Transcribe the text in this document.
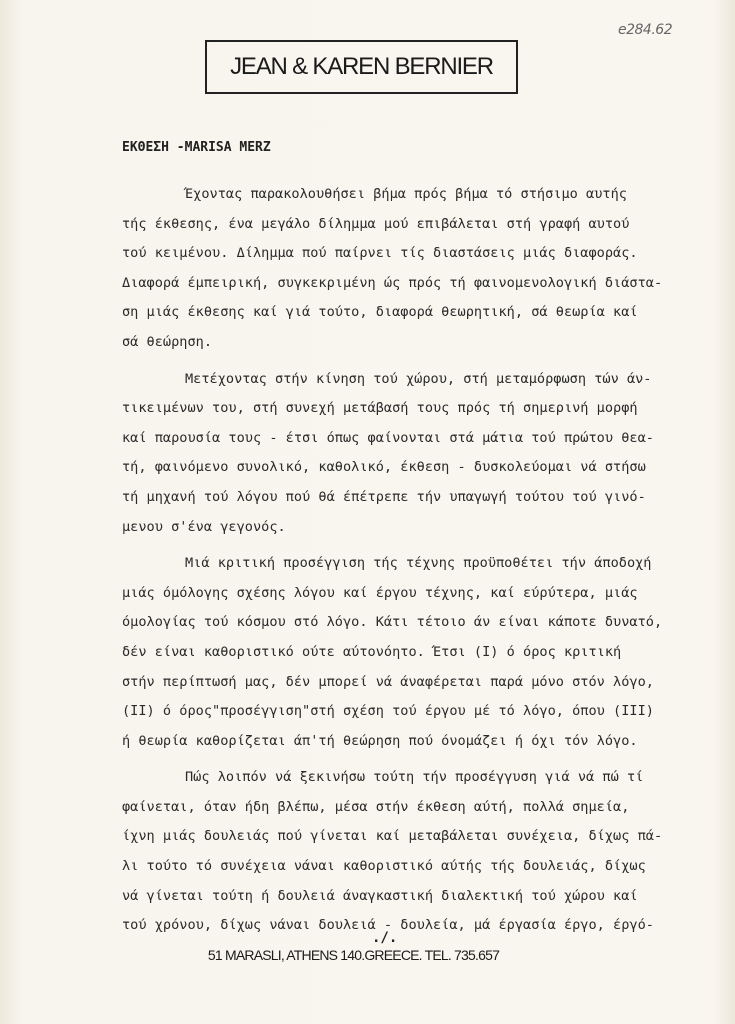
e284.62
JEAN & KAREN BERNIER
ΕΚΘΕΣΗ -MARISA MERZ
Έχοντας παρακολουθήσει βήμα πρός βήμα τό στήσιμο αυτής
τής έκθεσης, ένα μεγάλο δίλημμα μού επιβάλεται στή γραφή αυτού
τού κειμένου. Δίλημμα πού παίρνει τίς διαστάσεις μιάς διαφοράς.
Διαφορά έμπειρική, συγκεκριμένη ώς πρός τή φαινομενολογική διάστα-
ση μιάς έκθεσης καί γιά τούτο, διαφορά θεωρητική, σά θεωρία καί
σά θεώρηση.
Μετέχοντας στήν κίνηση τού χώρου, στή μεταμόρφωση τών άν-
τικειμένων του, στή συνεχή μετάβασή τους πρός τή σημερινή μορφή
καί παρουσία τους - έτσι όπως φαίνονται στά μάτια τού πρώτου θεα-
τή, φαινόμενο συνολικό, καθολικό, έκθεση - δυσκολεύομαι νά στήσω
τή μηχανή τού λόγου πού θά έπέτρεπε τήν υπαγωγή τούτου τού γινό-
μενου σ'ένα γεγονός.
Μιά κριτική προσέγγιση τής τέχνης προϋποθέτει τήν άποδοχή
μιάς όμόλογης σχέσης λόγου καί έργου τέχνης, καί εύρύτερα, μιάς
όμολογίας τού κόσμου στό λόγο. Κάτι τέτοιο άν είναι κάποτε δυνατό,
δέν είναι καθοριστικό ούτε αύτονόητο. Έτσι (I) ό όρος κριτική
στήν περίπτωσή μας, δέν μπορεί νά άναφέρεται παρά μόνο στόν λόγο,
(II) ό όρος"προσέγγιση"στή σχέση τού έργου μέ τό λόγο, όπου (III)
ή θεωρία καθορίζεται άπ'τή θεώρηση πού όνομάζει ή όχι τόν λόγο.
Πώς λοιπόν νά ξεκινήσω τούτη τήν προσέγγυση γιά νά πώ τί
φαίνεται, όταν ήδη βλέπω, μέσα στήν έκθεση αύτή, πολλά σημεία,
ίχνη μιάς δουλειάς πού γίνεται καί μεταβάλεται συνέχεια, δίχως πά-
λι τούτο τό συνέχεια νάναι καθοριστικό αύτής τής δουλειάς, δίχως
νά γίνεται τούτη ή δουλειά άναγκαστική διαλεκτική τού χώρου καί
τού χρόνου, δίχως νάναι δουλειά - δουλεία, μά έργασία έργο, έργό-
./.
51 MARASLI, ATHENS 140.GREECE. TEL. 735.657
